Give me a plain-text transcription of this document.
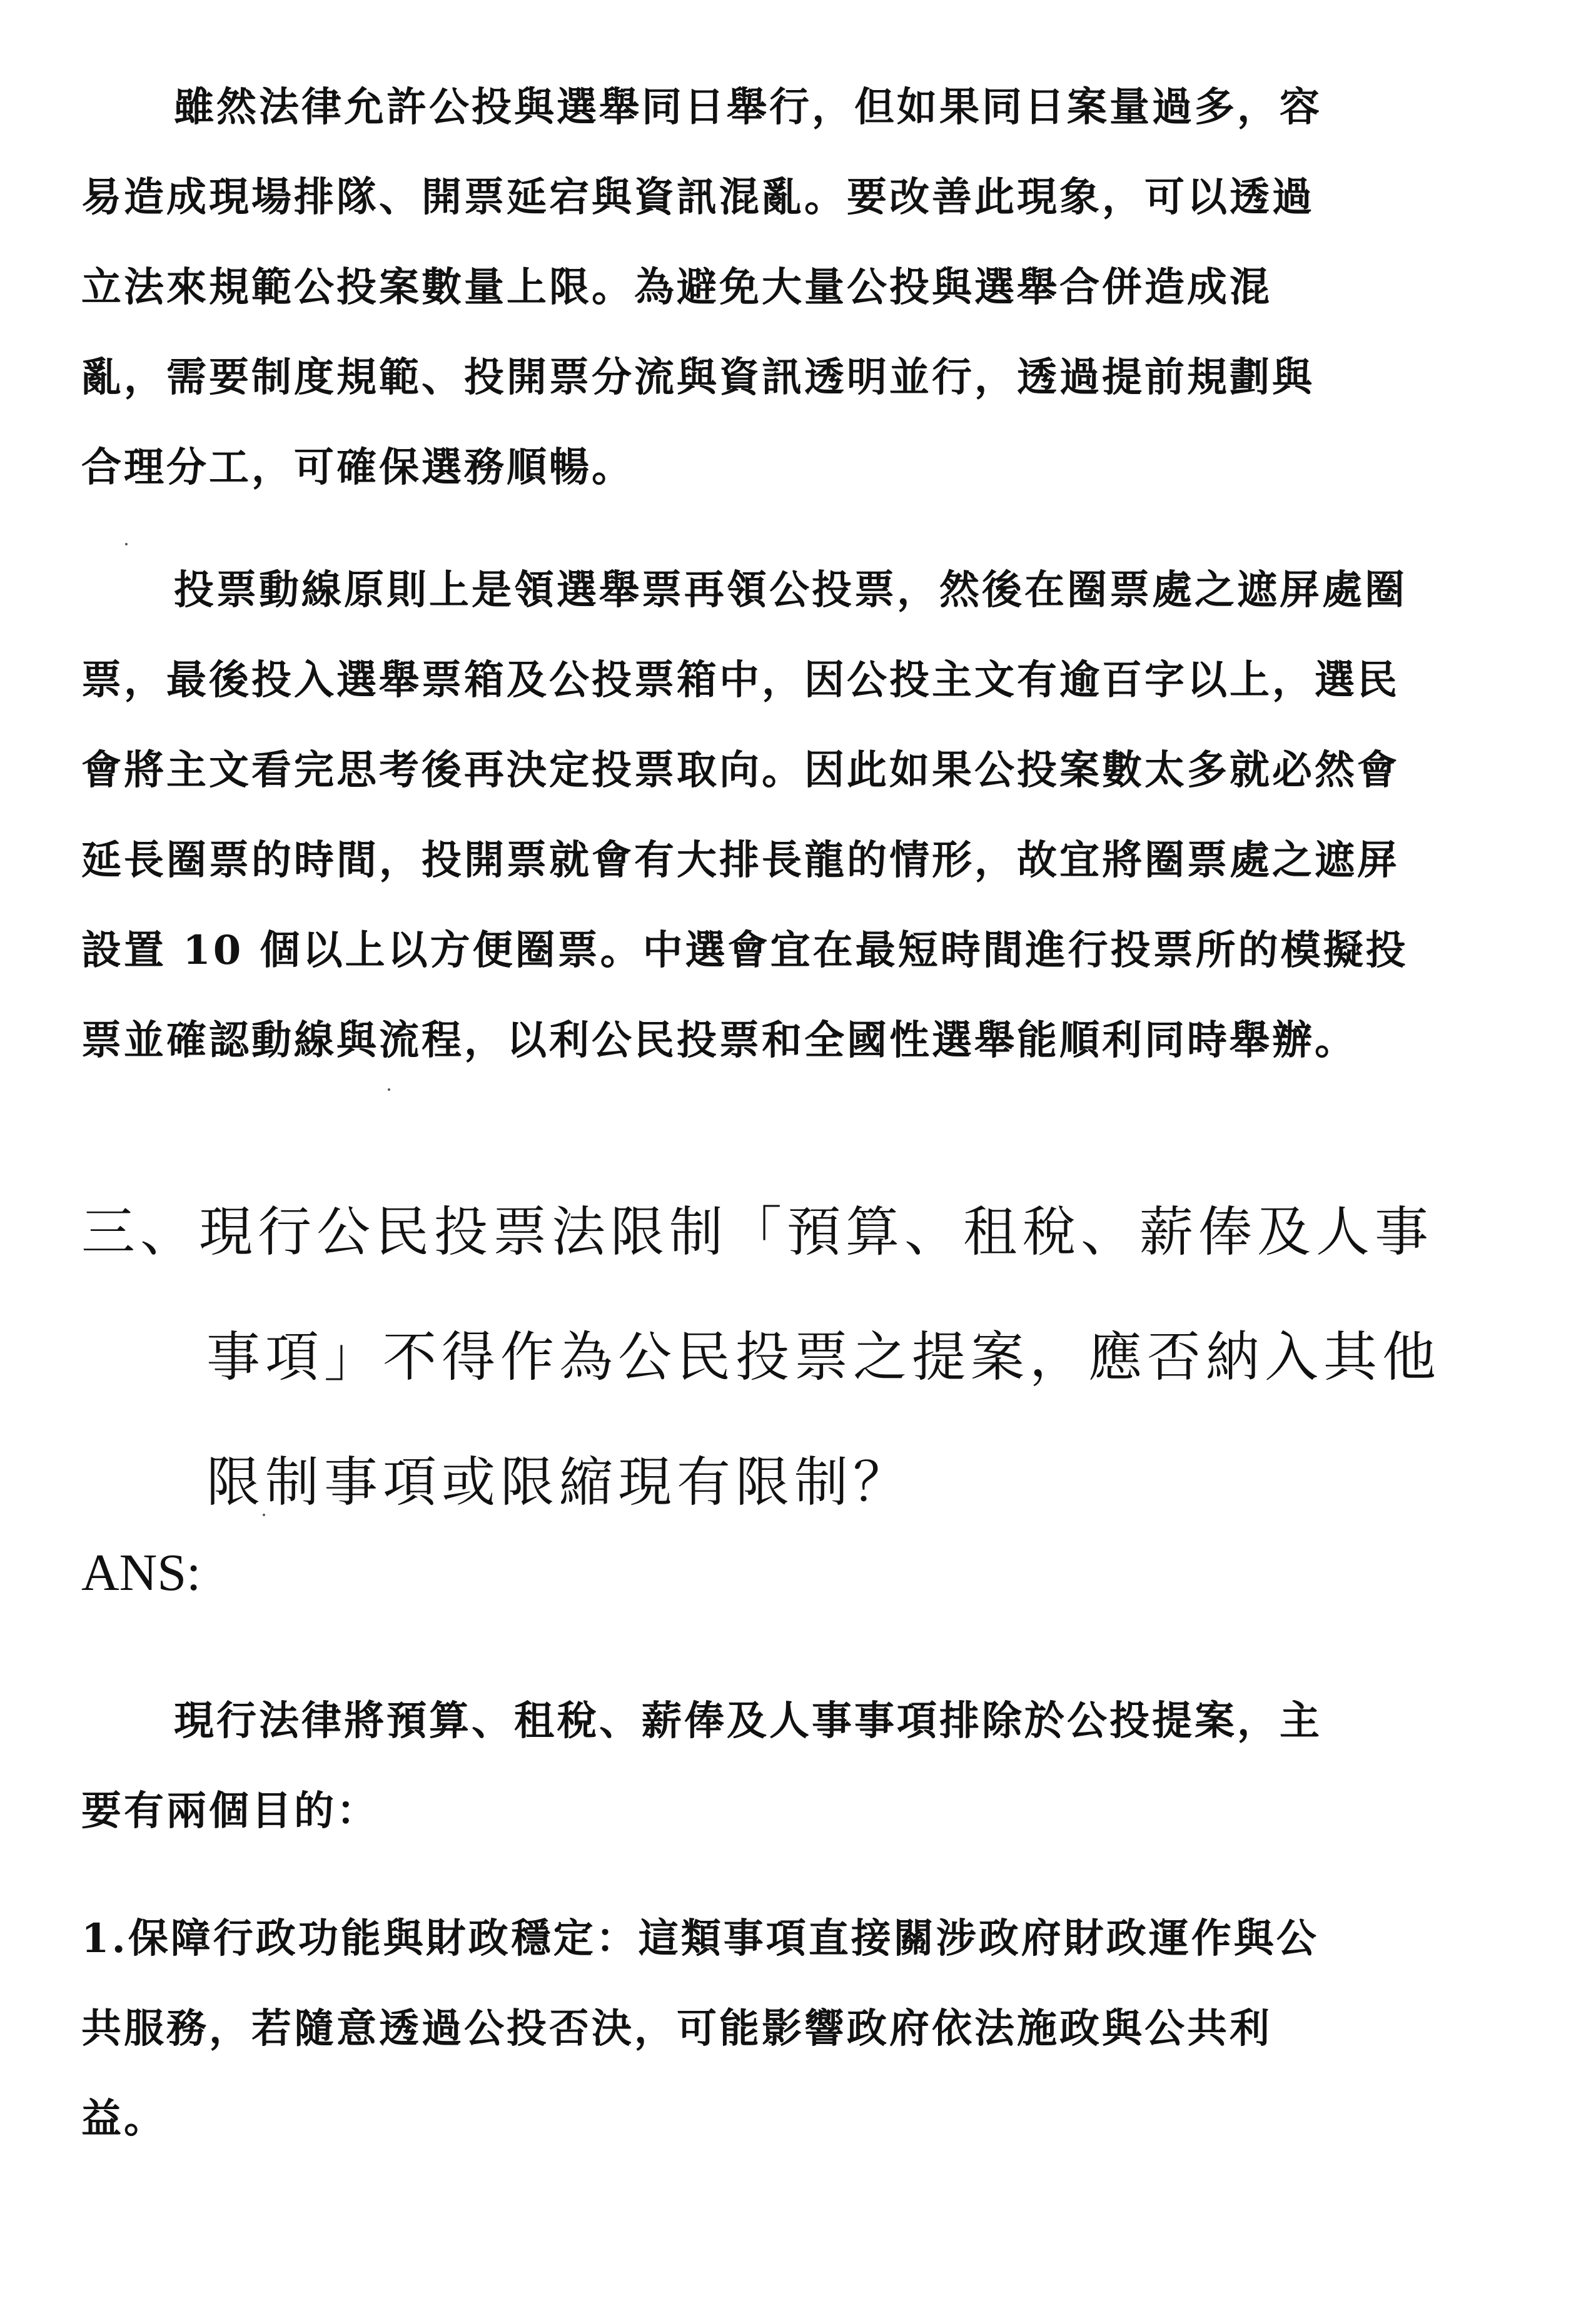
雖然法律允許公投與選舉同日舉行，但如果同日案量過多，容
易造成現場排隊、開票延宕與資訊混亂。要改善此現象，可以透過
立法來規範公投案數量上限。為避免大量公投與選舉合併造成混
亂，需要制度規範、投開票分流與資訊透明並行，透過提前規劃與
合理分工，可確保選務順暢。
投票動線原則上是領選舉票再領公投票，然後在圈票處之遮屏處圈
票，最後投入選舉票箱及公投票箱中，因公投主文有逾百字以上，選民
會將主文看完思考後再決定投票取向。因此如果公投案數太多就必然會
延長圈票的時間，投開票就會有大排長龍的情形，故宜將圈票處之遮屏
設置 10 個以上以方便圈票。中選會宜在最短時間進行投票所的模擬投
票並確認動線與流程，以利公民投票和全國性選舉能順利同時舉辦。
三、現行公民投票法限制「預算、租稅、薪俸及人事
事項」不得作為公民投票之提案，應否納入其他
限制事項或限縮現有限制？
ANS:
現行法律將預算、租稅、薪俸及人事事項排除於公投提案，主
要有兩個目的：
1.保障行政功能與財政穩定：這類事項直接關涉政府財政運作與公
共服務，若隨意透過公投否決，可能影響政府依法施政與公共利
益。
